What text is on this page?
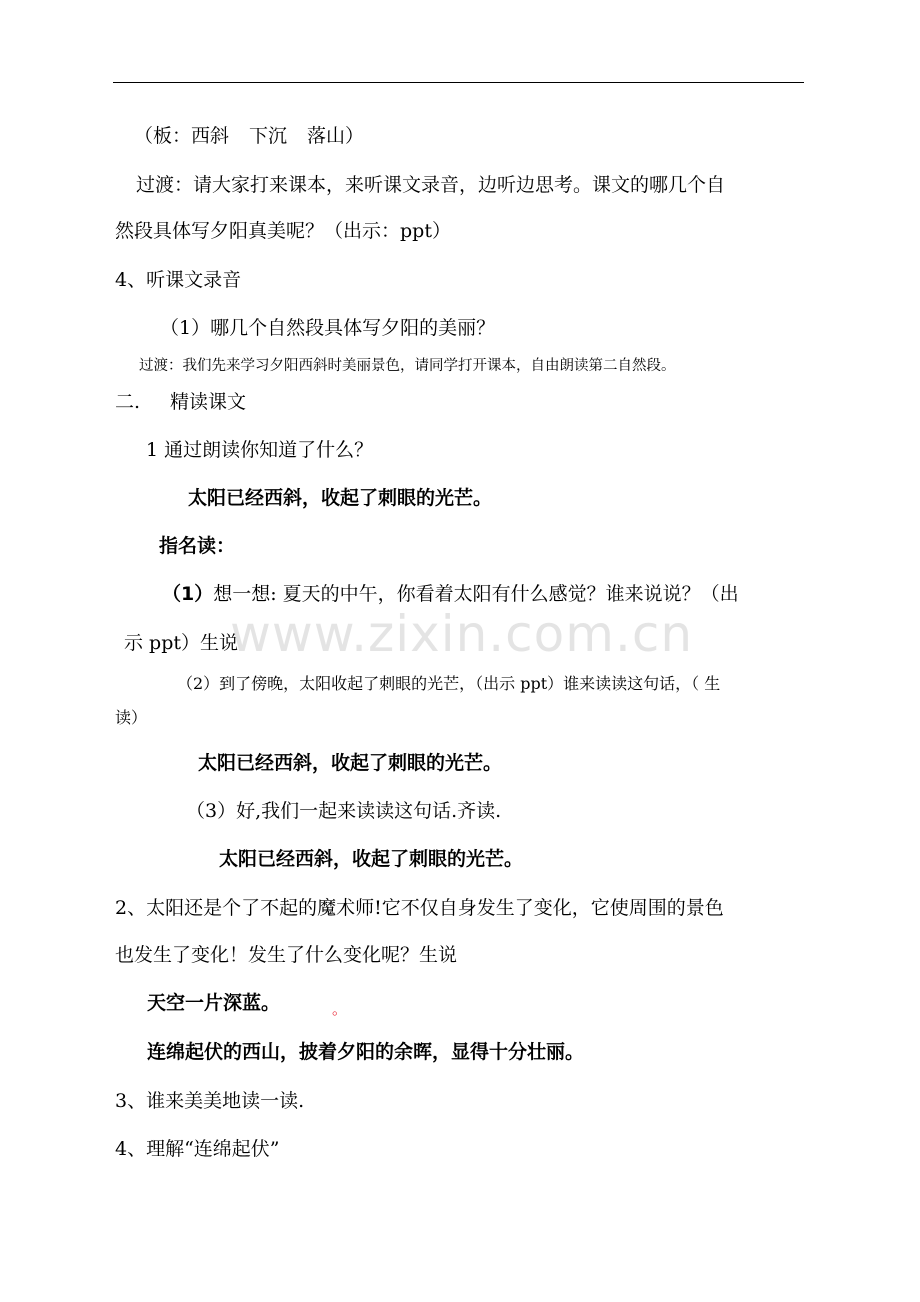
（板：西斜 下沉 落山）
过渡：请大家打来课本，来听课文录音，边听边思考。课文的哪几个自
然段具体写夕阳真美呢？（出示：ppt）
4、听课文录音
（1）哪几个自然段具体写夕阳的美丽？
过渡：我们先来学习夕阳西斜时美丽景色，请同学打开课本，自由朗读第二自然段。
二. 精读课文
1 通过朗读你知道了什么？
太阳已经西斜，收起了刺眼的光芒。
指名读：
（1）想一想: 夏天的中午，你看着太阳有什么感觉？谁来说说？（出
示 ppt）生说
（2）到了傍晚，太阳收起了刺眼的光芒，（出示 ppt）谁来读读这句话，（ 生
读）
太阳已经西斜，收起了刺眼的光芒。
（3）好,我们一起来读读这句话.齐读.
太阳已经西斜，收起了刺眼的光芒。
2、太阳还是个了不起的魔术师!它不仅自身发生了变化，它使周围的景色
也发生了变化！发生了什么变化呢？生说
天空一片深蓝。	。
连绵起伏的西山，披着夕阳的余晖，显得十分壮丽。
3、谁来美美地读一读.
4、理解“连绵起伏”
www.zixin.com.cn
